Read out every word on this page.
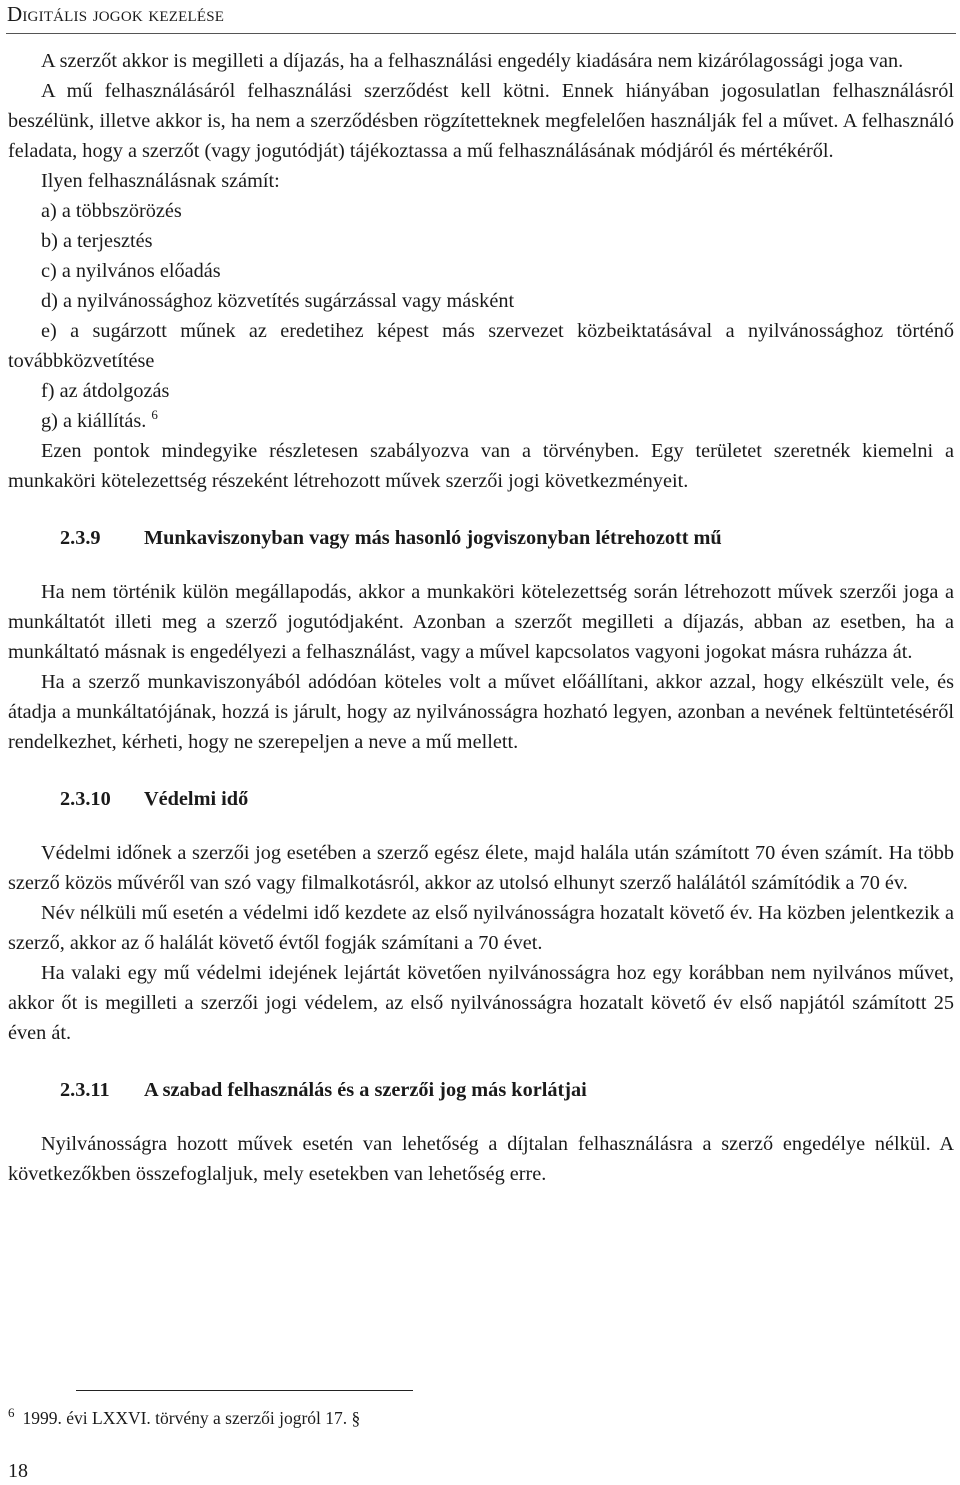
Digitális jogok kezelése

A szerzőt akkor is megilleti a díjazás, ha a felhasználási engedély kiadására nem kizárólagossági joga van.

A mű felhasználásáról felhasználási szerződést kell kötni. Ennek hiányában jogosulatlan felhasználásról beszélünk, illetve akkor is, ha nem a szerződésben rögzítetteknek megfelelően használják fel a művet. A felhasználó feladata, hogy a szerzőt (vagy jogutódját) tájékoztassa a mű felhasználásának módjáról és mértékéről.

Ilyen felhasználásnak számít:

a) a többszörözés
b) a terjesztés
c) a nyilvános előadás
d) a nyilvánossághoz közvetítés sugárzással vagy másként
e) a sugárzott műnek az eredetihez képest más szervezet közbeiktatásával a nyilvánossághoz történő továbbközvetítése
f) az átdolgozás
g) a kiállítás. $^6$

Ezen pontok mindegyike részletesen szabályozva van a törvényben. Egy területet szeretnék kiemelni a munkaköri kötelezettség részeként létrehozott művek szerzői jogi következményeit.

2.3.9 Munkaviszonyban vagy más hasonló jogviszonyban létrehozott mű

Ha nem történik külön megállapodás, akkor a munkaköri kötelezettség során létrehozott művek szerzői joga a munkáltatót illeti meg a szerző jogutódjaként. Azonban a szerzőt megilleti a díjazás, abban az esetben, ha a munkáltató másnak is engedélyezi a felhasználást, vagy a művel kapcsolatos vagyoni jogokat másra ruházza át.

Ha a szerző munkaviszonyából adódóan köteles volt a művet előállítani, akkor azzal, hogy elkészült vele, és átadja a munkáltatójának, hozzá is járult, hogy az nyilvánosságra hozható legyen, azonban a nevének feltüntetéséről rendelkezhet, kérheti, hogy ne szerepeljen a neve a mű mellett.

2.3.10 Védelmi idő

Védelmi időnek a szerzői jog esetében a szerző egész élete, majd halála után számított 70 éven számít. Ha több szerző közös művéről van szó vagy filmalkotásról, akkor az utolsó elhunyt szerző halálától számítódik a 70 év.

Név nélküli mű esetén a védelmi idő kezdete az első nyilvánosságra hozatalt követő év. Ha közben jelentkezik a szerző, akkor az ő halálát követő évtől fogják számítani a 70 évet.

Ha valaki egy mű védelmi idejének lejártát követően nyilvánosságra hoz egy korábban nem nyilvános művet, akkor őt is megilleti a szerzői jogi védelem, az első nyilvánosságra hozatalt követő év első napjától számított 25 éven át.

2.3.11 A szabad felhasználás és a szerzői jog más korlátjai

Nyilvánosságra hozott művek esetén van lehetőség a díjtalan felhasználásra a szerző engedélye nélkül. A következőkben összefoglaljuk, mely esetekben van lehetőség erre.

$^6$ 1999. évi LXXVI. törvény a szerzői jogról 17. §
18
